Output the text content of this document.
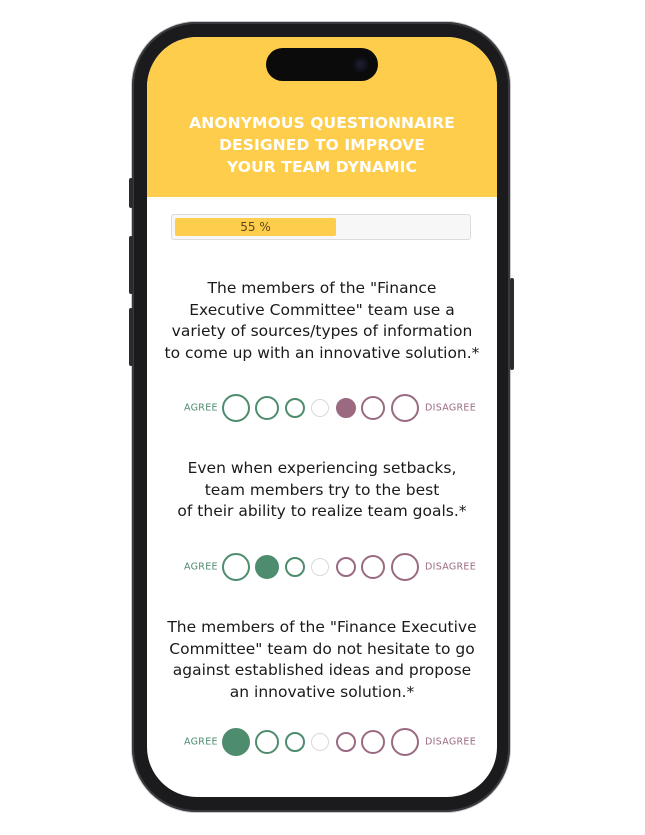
ANONYMOUS QUESTIONNAIRE
DESIGNED TO IMPROVE
YOUR TEAM DYNAMIC
55 %
The members of the "Finance
Executive Committee" team use a
variety of sources/types of information
to come up with an innovative solution.*
AGREE	DISAGREE
Even when experiencing setbacks,
team members try to the best
of their ability to realize team goals.*
AGREE	DISAGREE
The members of the "Finance Executive
Committee" team do not hesitate to go
against established ideas and propose
an innovative solution.*
AGREE	DISAGREE
